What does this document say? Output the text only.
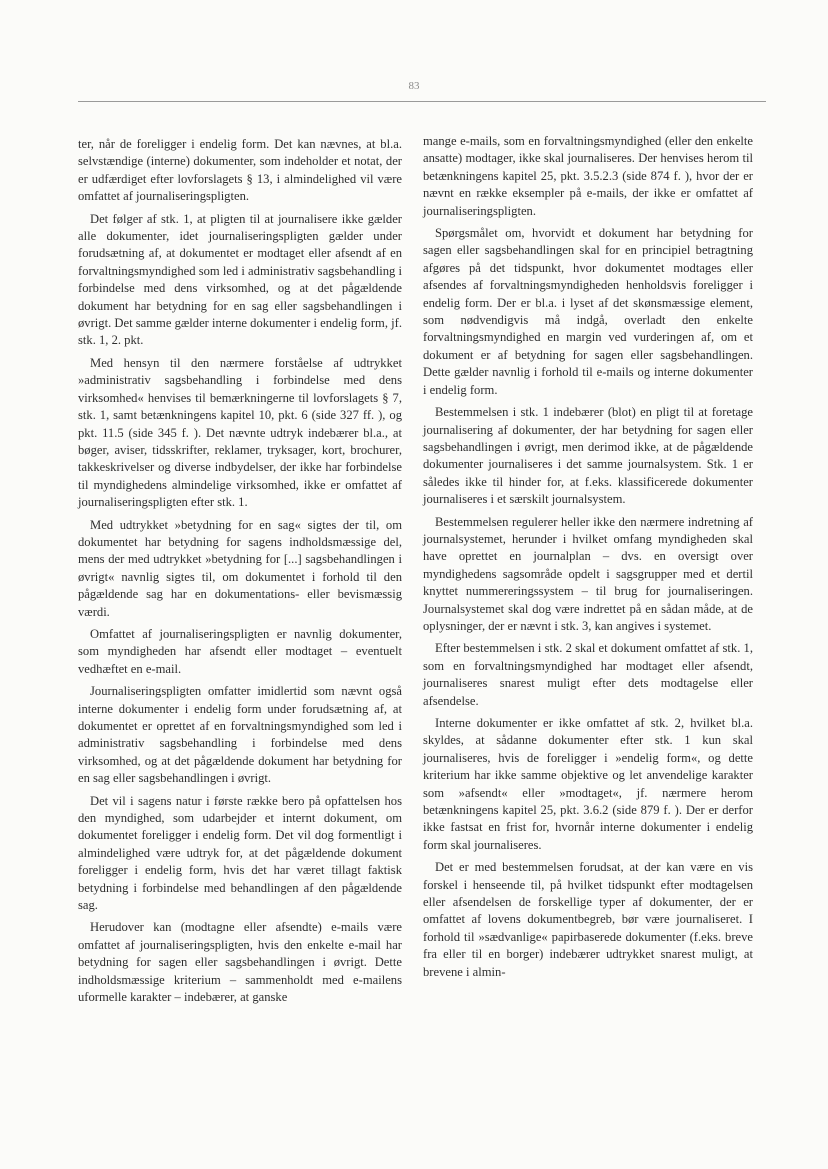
83

ter, når de foreligger i endelig form. Det kan nævnes, at bl.a. selvstændige (interne) dokumenter, som indeholder et notat, der er udfærdiget efter lovforslagets § 13, i almindelighed vil være omfattet af journaliseringspligten.

Det følger af stk. 1, at pligten til at journalisere ikke gælder alle dokumenter, idet journaliseringspligten gælder under forudsætning af, at dokumentet er modtaget eller afsendt af en forvaltningsmyndighed som led i administrativ sagsbehandling i forbindelse med dens virksomhed, og at det pågældende dokument har betydning for en sag eller sagsbehandlingen i øvrigt. Det samme gælder interne dokumenter i endelig form, jf. stk. 1, 2. pkt.

Med hensyn til den nærmere forståelse af udtrykket »administrativ sagsbehandling i forbindelse med dens virksomhed« henvises til bemærkningerne til lovforslagets § 7, stk. 1, samt betænkningens kapitel 10, pkt. 6 (side 327 ff. ), og pkt. 11.5 (side 345 f. ). Det nævnte udtryk indebærer bl.a., at bøger, aviser, tidsskrifter, reklamer, tryksager, kort, brochurer, takkeskrivelser og diverse indbydelser, der ikke har forbindelse til myndighedens almindelige virksomhed, ikke er omfattet af journaliseringspligten efter stk. 1.

Med udtrykket »betydning for en sag« sigtes der til, om dokumentet har betydning for sagens indholdsmæssige del, mens der med udtrykket »betydning for [...] sagsbehandlingen i øvrigt« navnlig sigtes til, om dokumentet i forhold til den pågældende sag har en dokumentations- eller bevismæssig værdi.

Omfattet af journaliseringspligten er navnlig dokumenter, som myndigheden har afsendt eller modtaget – eventuelt vedhæftet en e-mail.

Journaliseringspligten omfatter imidlertid som nævnt også interne dokumenter i endelig form under forudsætning af, at dokumentet er oprettet af en forvaltningsmyndighed som led i administrativ sagsbehandling i forbindelse med dens virksomhed, og at det pågældende dokument har betydning for en sag eller sagsbehandlingen i øvrigt.

Det vil i sagens natur i første række bero på opfattelsen hos den myndighed, som udarbejder et internt dokument, om dokumentet foreligger i endelig form. Det vil dog formentligt i almindelighed være udtryk for, at det pågældende dokument foreligger i endelig form, hvis det har været tillagt faktisk betydning i forbindelse med behandlingen af den pågældende sag.

Herudover kan (modtagne eller afsendte) e-mails være omfattet af journaliseringspligten, hvis den enkelte e-mail har betydning for sagen eller sagsbehandlingen i øvrigt. Dette indholdsmæssige kriterium – sammenholdt med e-mailens uformelle karakter – indebærer, at ganske

mange e-mails, som en forvaltningsmyndighed (eller den enkelte ansatte) modtager, ikke skal journaliseres. Der henvises herom til betænkningens kapitel 25, pkt. 3.5.2.3 (side 874 f. ), hvor der er nævnt en række eksempler på e-mails, der ikke er omfattet af journaliseringspligten.

Spørgsmålet om, hvorvidt et dokument har betydning for sagen eller sagsbehandlingen skal for en principiel betragtning afgøres på det tidspunkt, hvor dokumentet modtages eller afsendes af forvaltningsmyndigheden henholdsvis foreligger i endelig form. Der er bl.a. i lyset af det skønsmæssige element, som nødvendigvis må indgå, overladt den enkelte forvaltningsmyndighed en margin ved vurderingen af, om et dokument er af betydning for sagen eller sagsbehandlingen. Dette gælder navnlig i forhold til e-mails og interne dokumenter i endelig form.

Bestemmelsen i stk. 1 indebærer (blot) en pligt til at foretage journalisering af dokumenter, der har betydning for sagen eller sagsbehandlingen i øvrigt, men derimod ikke, at de pågældende dokumenter journaliseres i det samme journalsystem. Stk. 1 er således ikke til hinder for, at f.eks. klassificerede dokumenter journaliseres i et særskilt journalsystem.

Bestemmelsen regulerer heller ikke den nærmere indretning af journalsystemet, herunder i hvilket omfang myndigheden skal have oprettet en journalplan – dvs. en oversigt over myndighedens sagsområde opdelt i sagsgrupper med et dertil knyttet nummereringssystem – til brug for journaliseringen. Journalsystemet skal dog være indrettet på en sådan måde, at de oplysninger, der er nævnt i stk. 3, kan angives i systemet.

Efter bestemmelsen i stk. 2 skal et dokument omfattet af stk. 1, som en forvaltningsmyndighed har modtaget eller afsendt, journaliseres snarest muligt efter dets modtagelse eller afsendelse.

Interne dokumenter er ikke omfattet af stk. 2, hvilket bl.a. skyldes, at sådanne dokumenter efter stk. 1 kun skal journaliseres, hvis de foreligger i »endelig form«, og dette kriterium har ikke samme objektive og let anvendelige karakter som »afsendt« eller »modtaget«, jf. nærmere herom betænkningens kapitel 25, pkt. 3.6.2 (side 879 f. ). Der er derfor ikke fastsat en frist for, hvornår interne dokumenter i endelig form skal journaliseres.

Det er med bestemmelsen forudsat, at der kan være en vis forskel i henseende til, på hvilket tidspunkt efter modtagelsen eller afsendelsen de forskellige typer af dokumenter, der er omfattet af lovens dokumentbegreb, bør være journaliseret. I forhold til »sædvanlige« papirbaserede dokumenter (f.eks. breve fra eller til en borger) indebærer udtrykket snarest muligt, at brevene i almin-
